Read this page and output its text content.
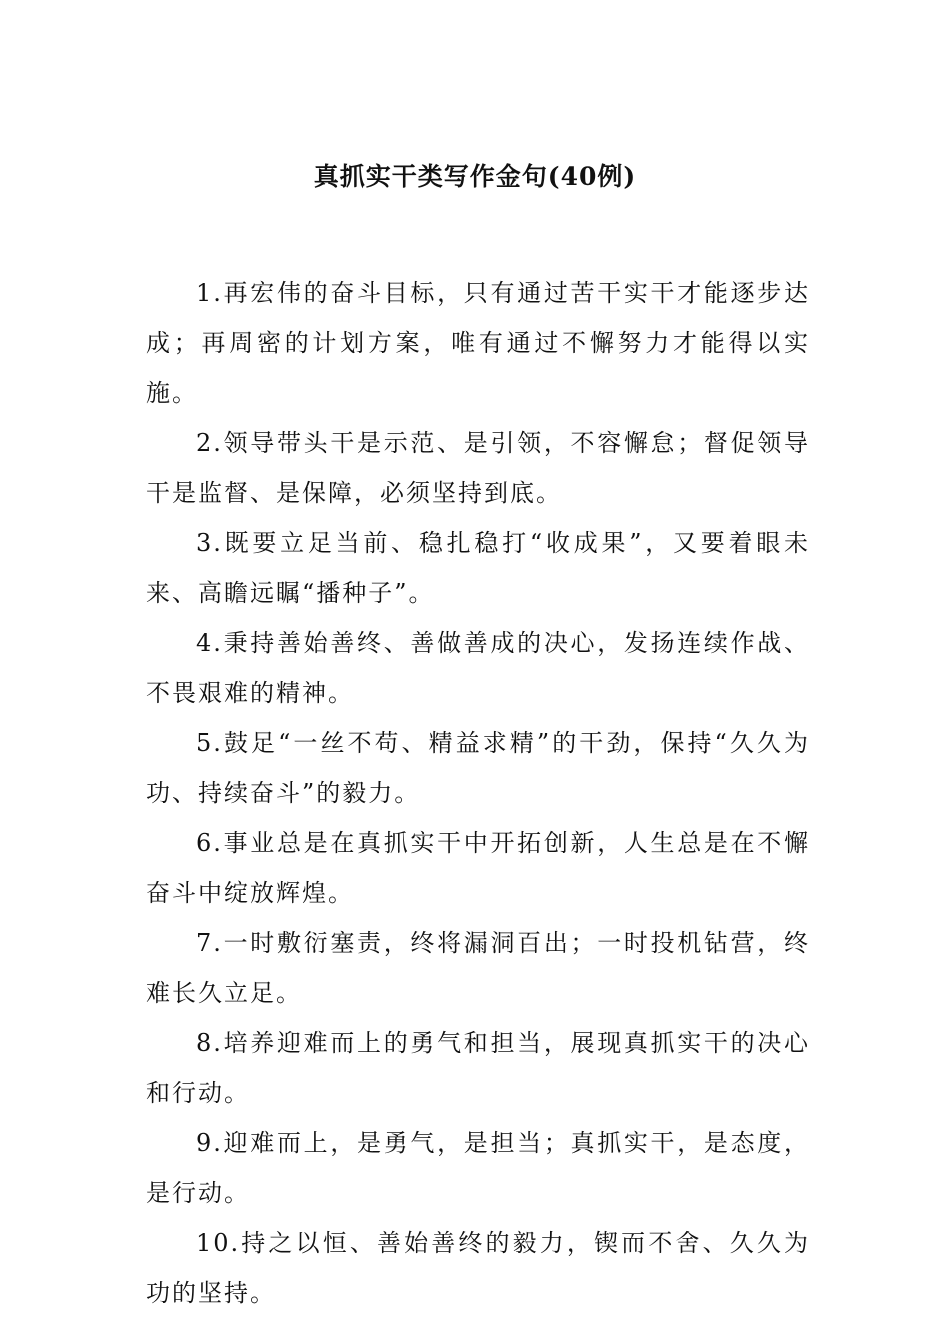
真抓实干类写作金句(40例)

1.再宏伟的奋斗目标，只有通过苦干实干才能逐步达成；再周密的计划方案，唯有通过不懈努力才能得以实施。

2.领导带头干是示范、是引领，不容懈怠；督促领导干是监督、是保障，必须坚持到底。

3.既要立足当前、稳扎稳打“收成果”，又要着眼未来、高瞻远瞩“播种子”。

4.秉持善始善终、善做善成的决心，发扬连续作战、不畏艰难的精神。

5.鼓足“一丝不苟、精益求精”的干劲，保持“久久为功、持续奋斗”的毅力。

6.事业总是在真抓实干中开拓创新，人生总是在不懈奋斗中绽放辉煌。

7.一时敷衍塞责，终将漏洞百出；一时投机钻营，终难长久立足。

8.培养迎难而上的勇气和担当，展现真抓实干的决心和行动。

9.迎难而上，是勇气，是担当；真抓实干，是态度，是行动。

10.持之以恒、善始善终的毅力，锲而不舍、久久为功的坚持。
